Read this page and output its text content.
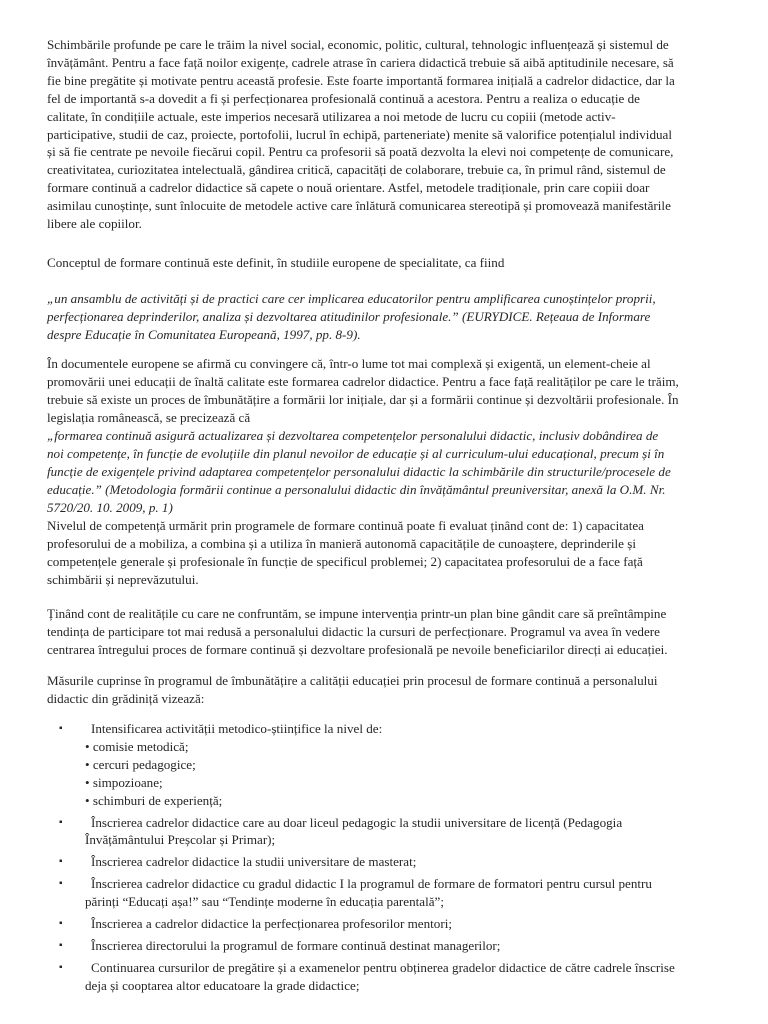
Schimbările profunde pe care le trăim la nivel social, economic, politic, cultural, tehnologic influențează și sistemul de
învățământ. Pentru a face față noilor exigențe, cadrele atrase în cariera didactică trebuie să aibă aptitudinile necesare, să
fie bine pregătite și motivate pentru această profesie. Este foarte importantă formarea inițială a cadrelor didactice, dar la
fel de importantă s-a dovedit a fi și perfecționarea profesională continuă a acestora. Pentru a realiza o educație de
calitate, în condițiile actuale, este imperios necesară utilizarea a noi metode de lucru cu copiii (metode activ-
participative, studii de caz, proiecte, portofolii, lucrul în echipă, parteneriate) menite să valorifice potențialul individual
și să fie centrate pe nevoile fiecărui copil. Pentru ca profesorii să poată dezvolta la elevi noi competențe de comunicare,
creativitatea, curiozitatea intelectuală, gândirea critică, capacități de colaborare, trebuie ca, în primul rând, sistemul de
formare continuă a cadrelor didactice să capete o nouă orientare. Astfel, metodele tradiționale, prin care copiii doar
asimilau cunoștințe, sunt înlocuite de metodele active care înlătură comunicarea stereotipă și promovează manifestările
libere ale copiilor.

Conceptul de formare continuă este definit, în studiile europene de specialitate, ca fiind

„un ansamblu de activități și de practici care cer implicarea educatorilor pentru amplificarea cunoștințelor proprii,
perfecționarea deprinderilor, analiza și dezvoltarea atitudinilor profesionale.” (EURYDICE. Rețeaua de Informare
despre Educație în Comunitatea Europeană, 1997, pp. 8-9).

În documentele europene se afirmă cu convingere că, într-o lume tot mai complexă și exigentă, un element-cheie al
promovării unei educații de înaltă calitate este formarea cadrelor didactice. Pentru a face față realităților pe care le trăim,
trebuie să existe un proces de îmbunătățire a formării lor inițiale, dar și a formării continue și dezvoltării profesionale. În
legislația românească, se precizează că

„formarea continuă asigură actualizarea și dezvoltarea competențelor personalului didactic, inclusiv dobândirea de
noi competențe, în funcție de evoluțiile din planul nevoilor de educație și al curriculum-ului educațional, precum și în
funcție de exigențele privind adaptarea competențelor personalului didactic la schimbările din structurile/procesele de
educație.” (Metodologia formării continue a personalului didactic din învățământul preuniversitar, anexă la O.M. Nr.
5720/20. 10. 2009, p. 1)

Nivelul de competență urmărit prin programele de formare continuă poate fi evaluat ținând cont de: 1) capacitatea
profesorului de a mobiliza, a combina și a utiliza în manieră autonomă capacitățile de cunoaștere, deprinderile și
competențele generale și profesionale în funcție de specificul problemei; 2) capacitatea profesorului de a face față
schimbării și neprevăzutului.

Ținând cont de realitățile cu care ne confruntăm, se impune intervenția printr-un plan bine gândit care să preîntâmpine
tendința de participare tot mai redusă a personalului didactic la cursuri de perfecționare. Programul va avea în vedere
centrarea întregului proces de formare continuă și dezvoltare profesională pe nevoile beneficiarilor direcți ai educației.

Măsurile cuprinse în programul de îmbunătățire a calității educației prin procesul de formare continuă a personalului
didactic din grădiniță vizează:

▪ Intensificarea activității metodico-științifice la nivel de:
• comisie metodică;
• cercuri pedagogice;
• simpozioane;
• schimburi de experiență;
▪ Înscrierea cadrelor didactice care au doar liceul pedagogic la studii universitare de licență (Pedagogia
Învățământului Preșcolar și Primar);
▪ Înscrierea cadrelor didactice la studii universitare de masterat;
▪ Înscrierea cadrelor didactice cu gradul didactic I la programul de formare de formatori pentru cursul pentru
părinți “Educați așa!” sau “Tendințe moderne în educația parentală”;
▪ Înscrierea a cadrelor didactice la perfecționarea profesorilor mentori;
▪ Înscrierea directorului la programul de formare continuă destinat managerilor;
▪ Continuarea cursurilor de pregătire și a examenelor pentru obținerea gradelor didactice de către cadrele înscrise
deja și cooptarea altor educatoare la grade didactice;
